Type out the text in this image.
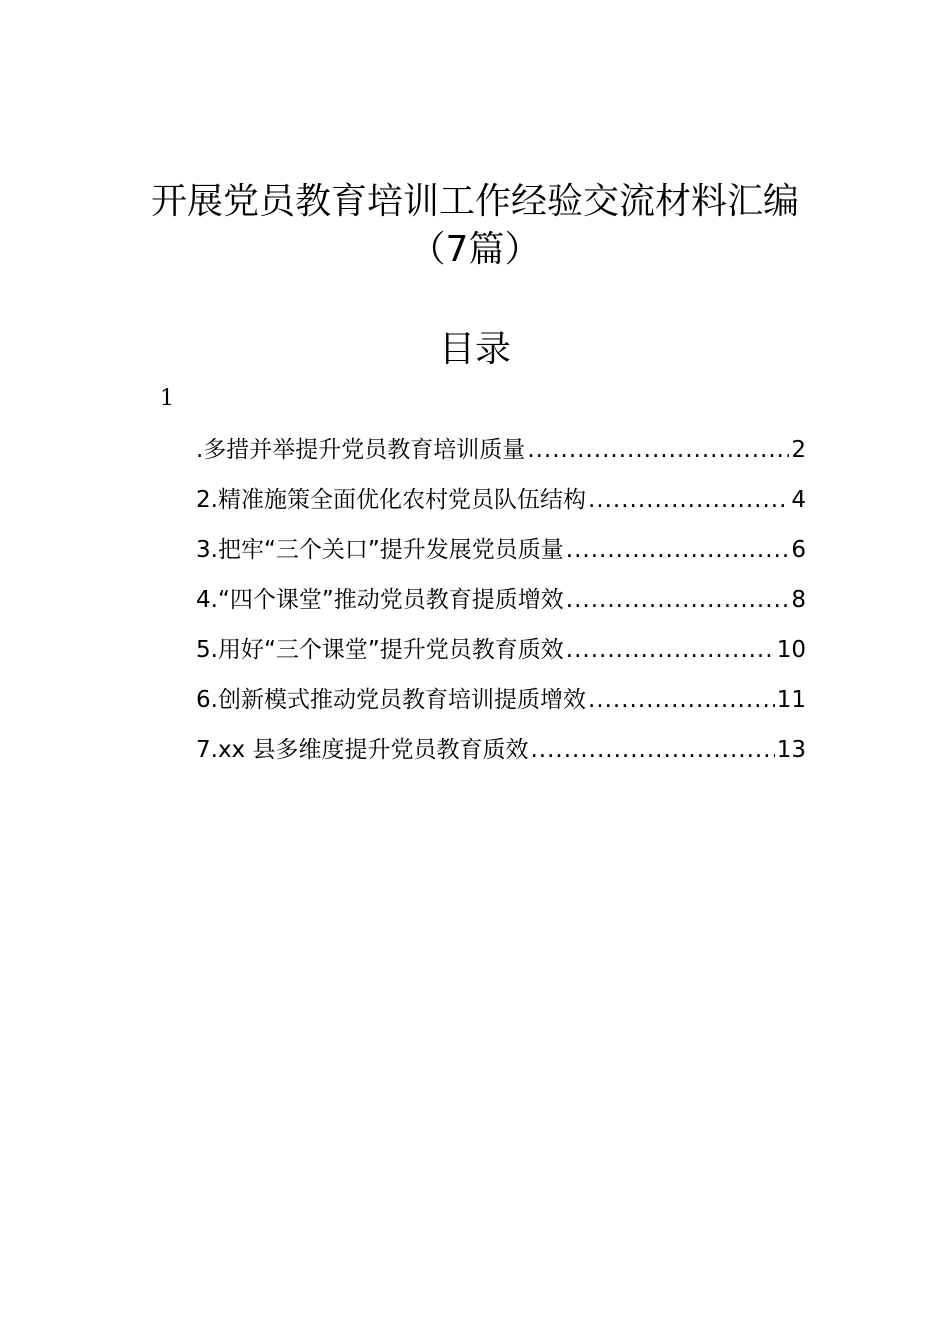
开展党员教育培训工作经验交流材料汇编
（7篇）
目录
1
.多措并举提升党员教育培训质量 .....	2
2.精准施策全面优化农村党员队伍结构 .....	4
3.把牢“三个关口”提升发展党员质量 .....	6
4.“四个课堂”推动党员教育提质增效 .....	8
5.用好“三个课堂”提升党员教育质效 .....	10
6.创新模式推动党员教育培训提质增效 .....	11
7.xx 县多维度提升党员教育质效 .....	13
